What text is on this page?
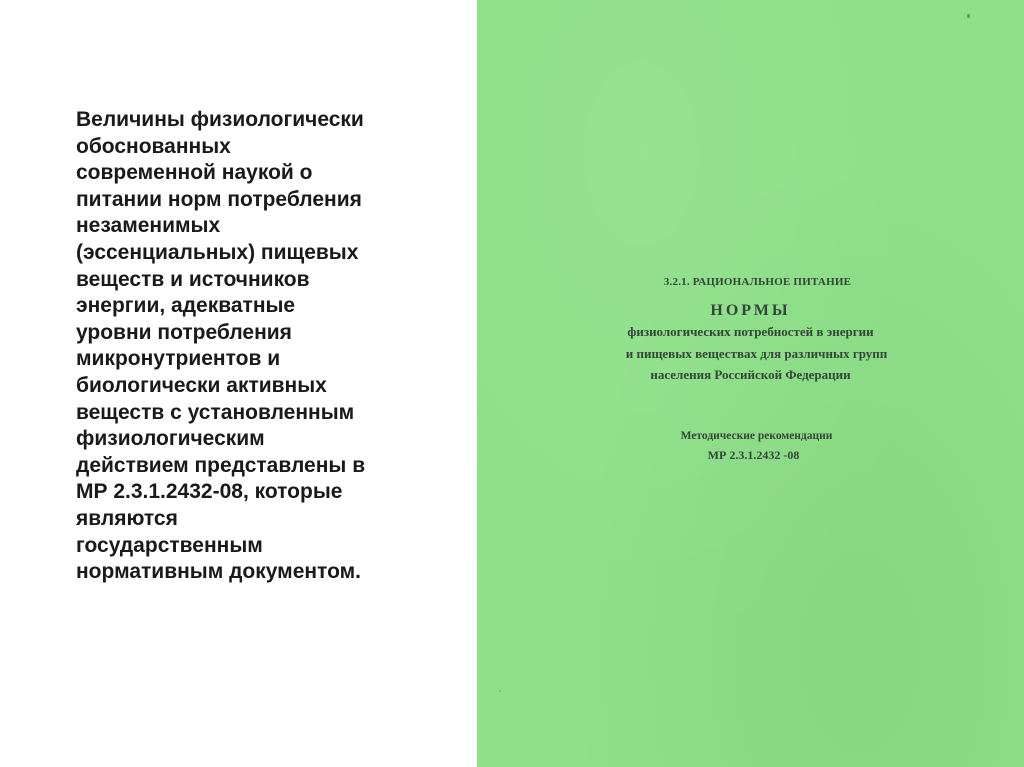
Величины физиологически
обоснованных
современной наукой о
питании норм потребления
незаменимых
(эссенциальных) пищевых
веществ и источников
энергии, адекватные
уровни потребления
микронутриентов и
биологически активных
веществ с установленным
физиологическим
действием представлены в
МР 2.3.1.2432-08, которые
являются
государственным
нормативным документом.

3.2.1. РАЦИОНАЛЬНОЕ ПИТАНИЕ
НОРМЫ
физиологических потребностей в энергии
и пищевых веществах для различных групп
населения Российской Федерации
Методические рекомендации
МР 2.3.1.2432 -08
